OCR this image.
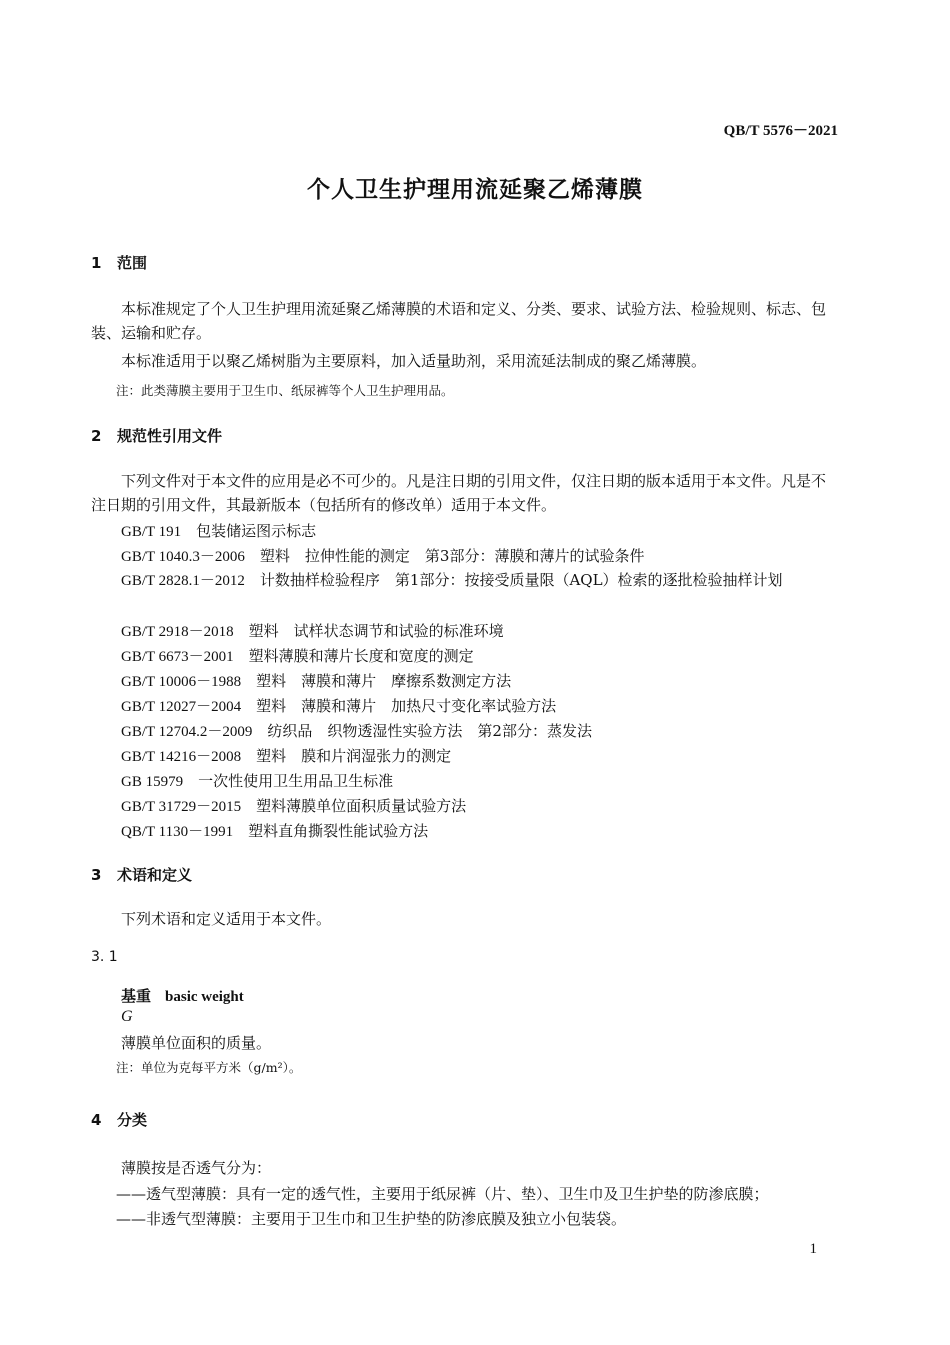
QB/T 5576－2021
个人卫生护理用流延聚乙烯薄膜
1 范围
本标准规定了个人卫生护理用流延聚乙烯薄膜的术语和定义、分类、要求、试验方法、检验规则、标志、包装、运输和贮存。
本标准适用于以聚乙烯树脂为主要原料，加入适量助剂，采用流延法制成的聚乙烯薄膜。
注：此类薄膜主要用于卫生巾、纸尿裤等个人卫生护理用品。
2 规范性引用文件
下列文件对于本文件的应用是必不可少的。凡是注日期的引用文件，仅注日期的版本适用于本文件。凡是不注日期的引用文件，其最新版本（包括所有的修改单）适用于本文件。
GB/T 191　 包装储运图示标志
GB/T 1040.3－2006　 塑料　拉伸性能的测定　第3部分：薄膜和薄片的试验条件
GB/T 2828.1－2012　 计数抽样检验程序　第1部分：按接受质量限（AQL）检索的逐批检验抽样计划
GB/T 2918－2018　 塑料　试样状态调节和试验的标准环境
GB/T 6673－2001　 塑料薄膜和薄片长度和宽度的测定
GB/T 10006－1988　 塑料　薄膜和薄片　摩擦系数测定方法
GB/T 12027－2004　 塑料　薄膜和薄片　加热尺寸变化率试验方法
GB/T 12704.2－2009　 纺织品　织物透湿性实验方法　第2部分：蒸发法
GB/T 14216－2008　 塑料　膜和片润湿张力的测定
GB 15979　 一次性使用卫生用品卫生标准
GB/T 31729－2015　 塑料薄膜单位面积质量试验方法
QB/T 1130－1991　 塑料直角撕裂性能试验方法
3 术语和定义
下列术语和定义适用于本文件。
3. 1
基重 basic weight
G
薄膜单位面积的质量。
注：单位为克每平方米（g/m²）。
4 分类
薄膜按是否透气分为：
——透气型薄膜：具有一定的透气性，主要用于纸尿裤（片、垫）、卫生巾及卫生护垫的防渗底膜；
——非透气型薄膜：主要用于卫生巾和卫生护垫的防渗底膜及独立小包装袋。
1
